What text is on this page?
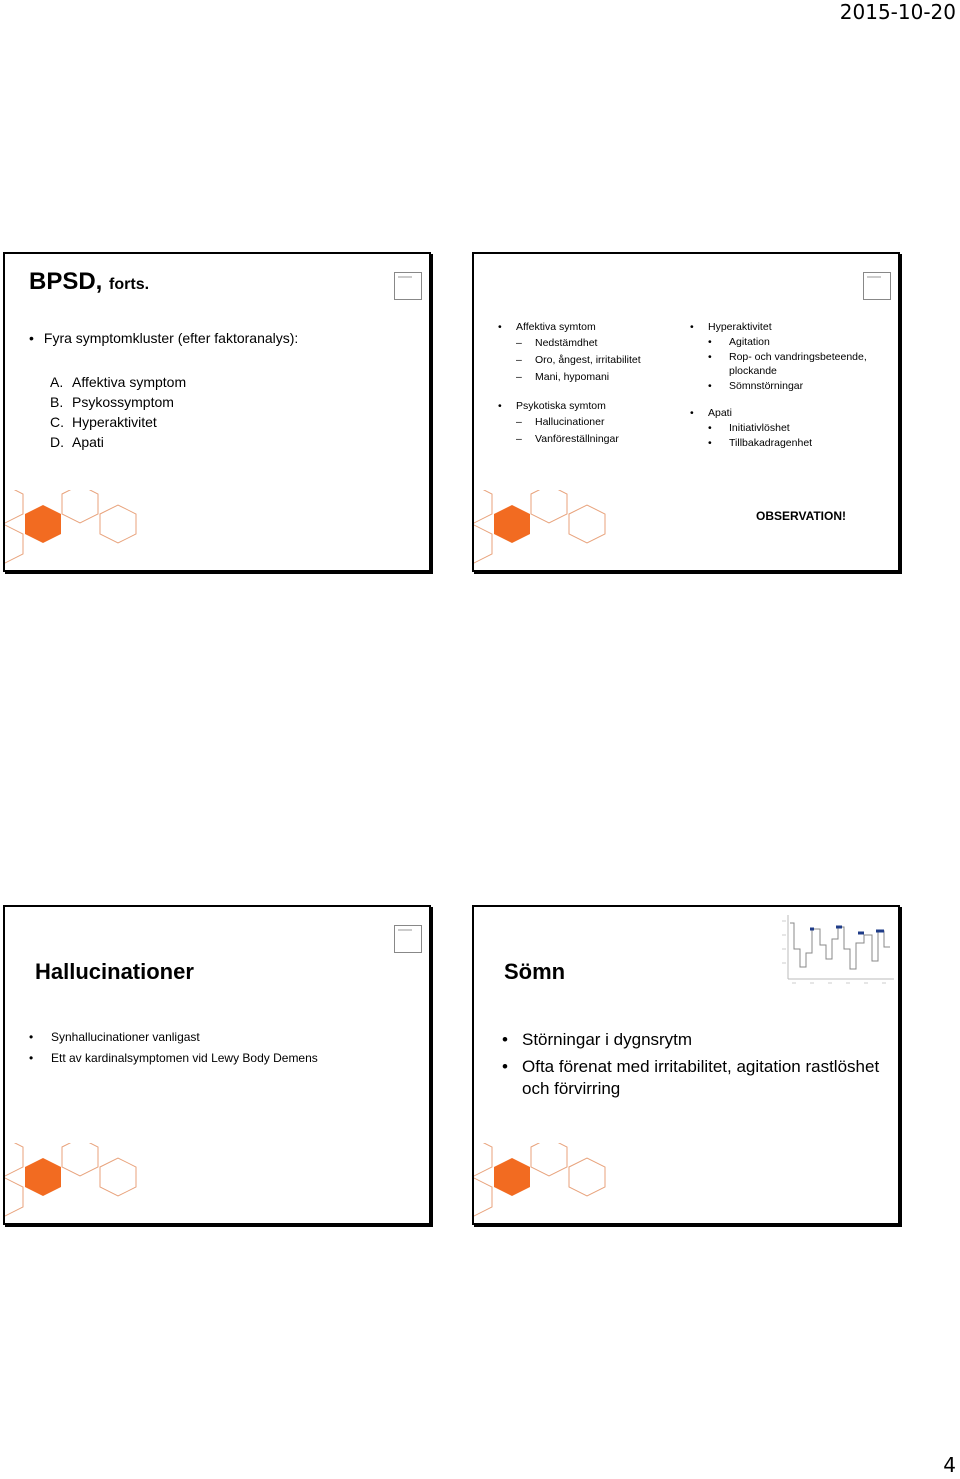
2015-10-20
BPSD, forts.
• Fyra symptomkluster (efter faktoranalys):
A. Affektiva symptom
B. Psykossymptom
C. Hyperaktivitet
D. Apati
• Affektiva symtom
– Nedstämdhet
– Oro, ångest, irritabilitet
– Mani, hypomani
• Psykotiska symtom
– Hallucinationer
– Vanföreställningar
• Hyperaktivitet
• Agitation
• Rop- och vandringsbeteende,
plockande
• Sömnstörningar
• Apati
• Initiativlöshet
• Tillbakadragenhet
OBSERVATION!
Hallucinationer
• Synhallucinationer vanligast
• Ett av kardinalsymptomen vid Lewy Body Demens
Sömn
• Störningar i dygnsrytm
• Ofta förenat med irritabilitet, agitation rastlöshet och förvirring
4
